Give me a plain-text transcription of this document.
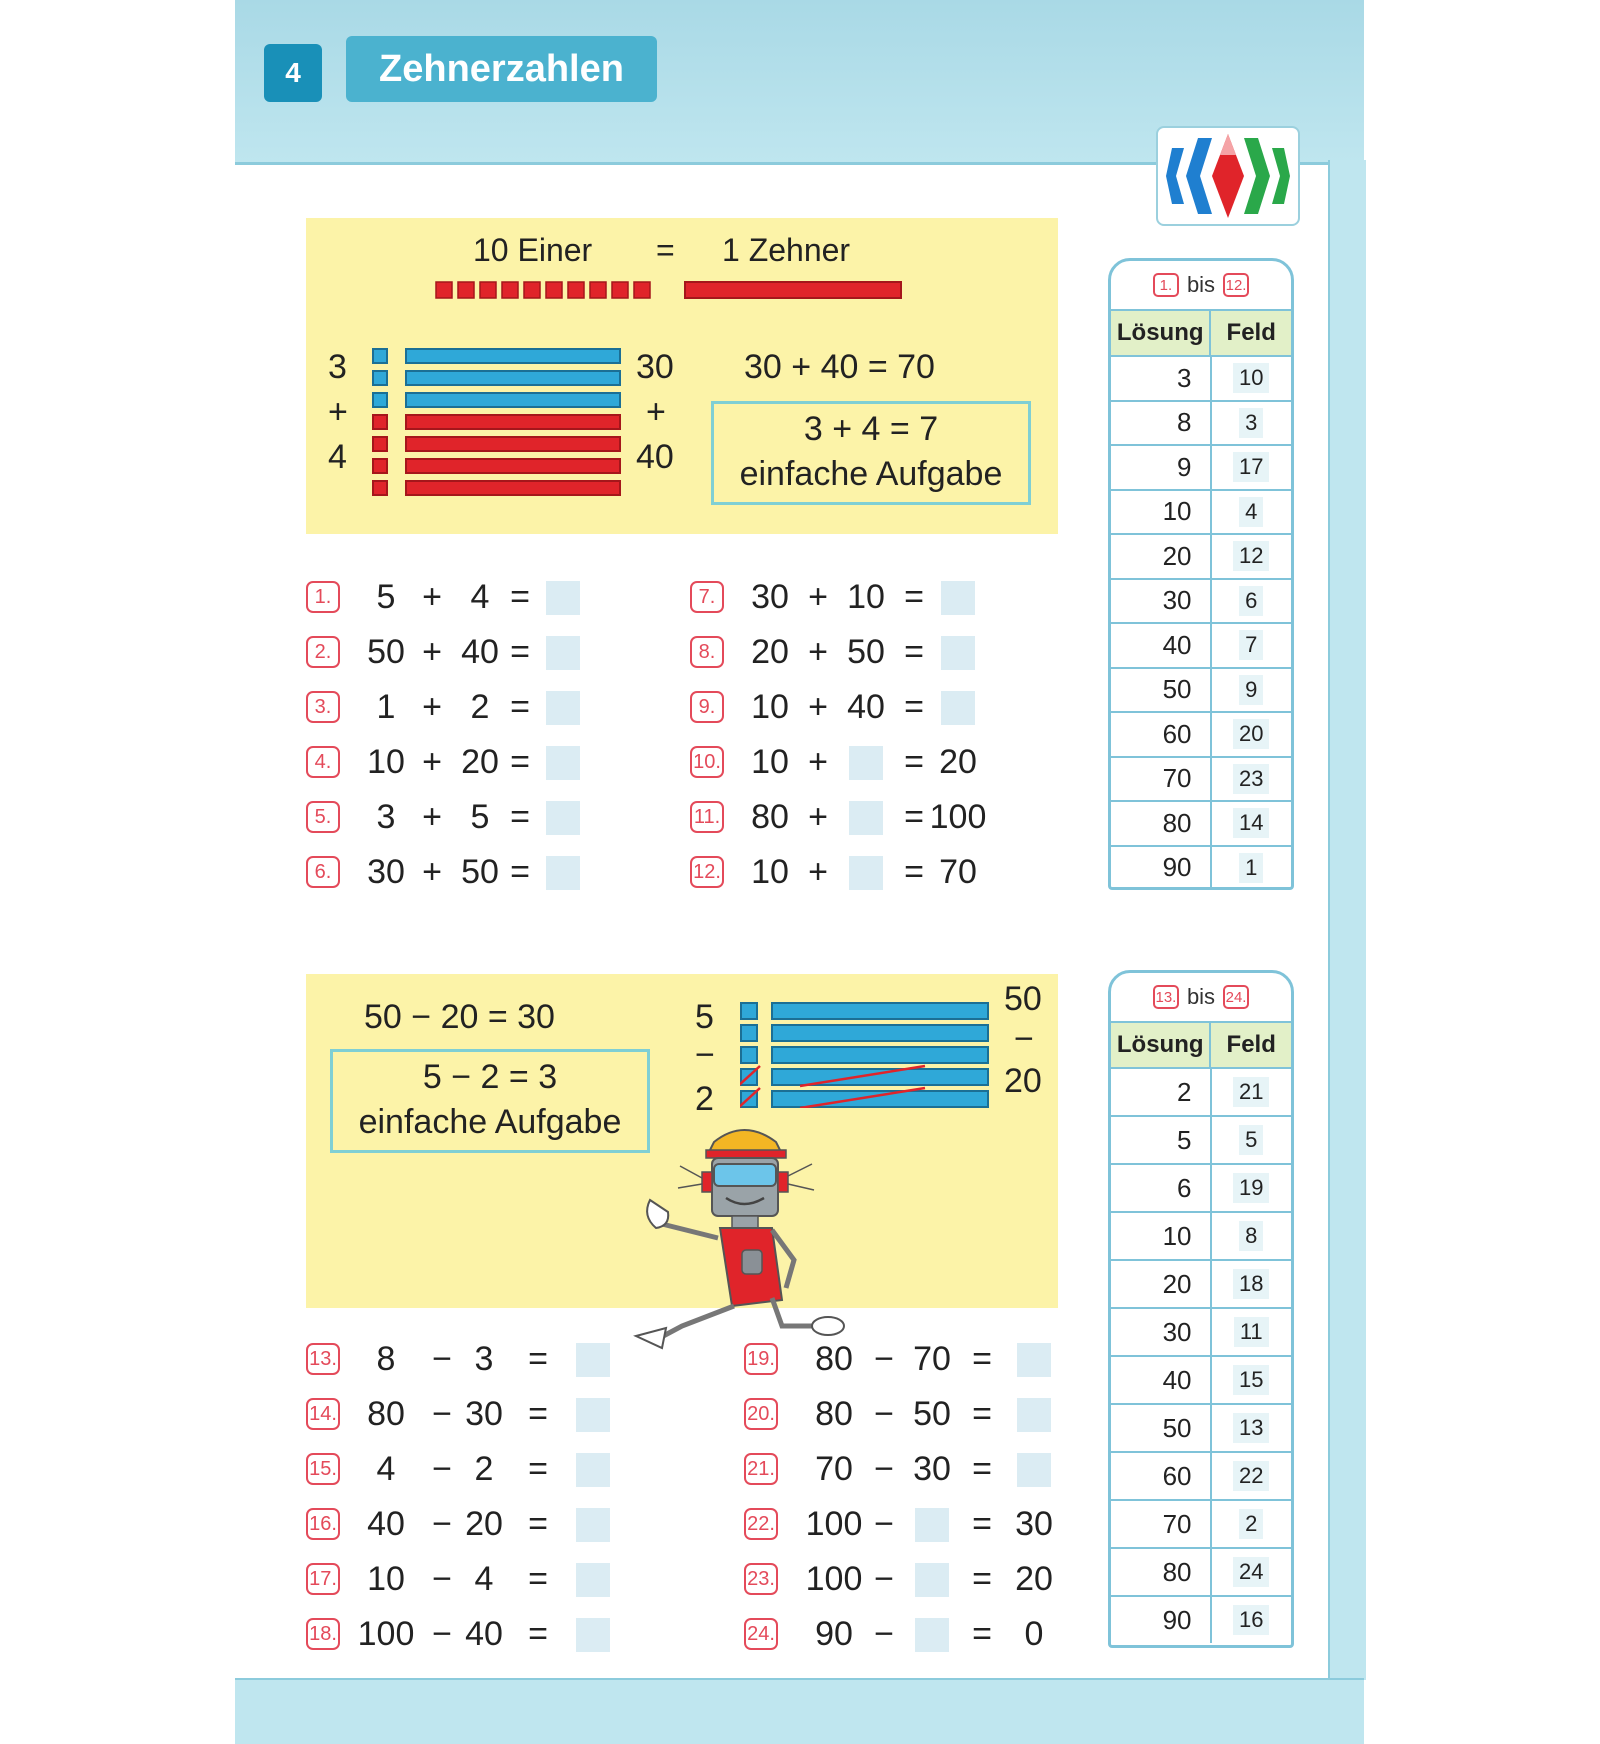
4	Zehnerzahlen
10 Einer = 1 Zehner
3
+
4
30
+
40
30 + 40 = 70
3 + 4 = 7
einfache Aufgabe
1.	5 + 4 =
2.	50 + 40 =
3.	1 + 2 =
4.	10 + 20 =
5.	3 + 5 =
6.	30 + 50 =
7.	30 + 10 =
8.	20 + 50 =
9.	10 + 40 =
10. 10 +	= 20
11. 80 +	= 100
12. 10 +	= 70
1. bis 12.
Lösung Feld
3	10
8	3
9	17
10	4
20	12
30	6
40	7
50	9
60	20
70	23
80	14
90	1
50 − 20 = 30
5 − 2 = 3
einfache Aufgabe
5
−
2
50
−
20
13.	8	− 3	=
14. 80 − 30 =
15.	4	− 2	=
16. 40 − 20 =
17. 10 − 4	=
18. 100 − 40 =
19.	80 − 70 =
20.	80 − 50 =
21.	70 − 30 =
22. 100 −	= 30
23. 100 −	= 20
24.	90 −	= 0
13. bis 24.
Lösung Feld
2	21
5	5
6	19
10	8
20	18
30	11
40	15
50	13
60	22
70	2
80	24
90	16
